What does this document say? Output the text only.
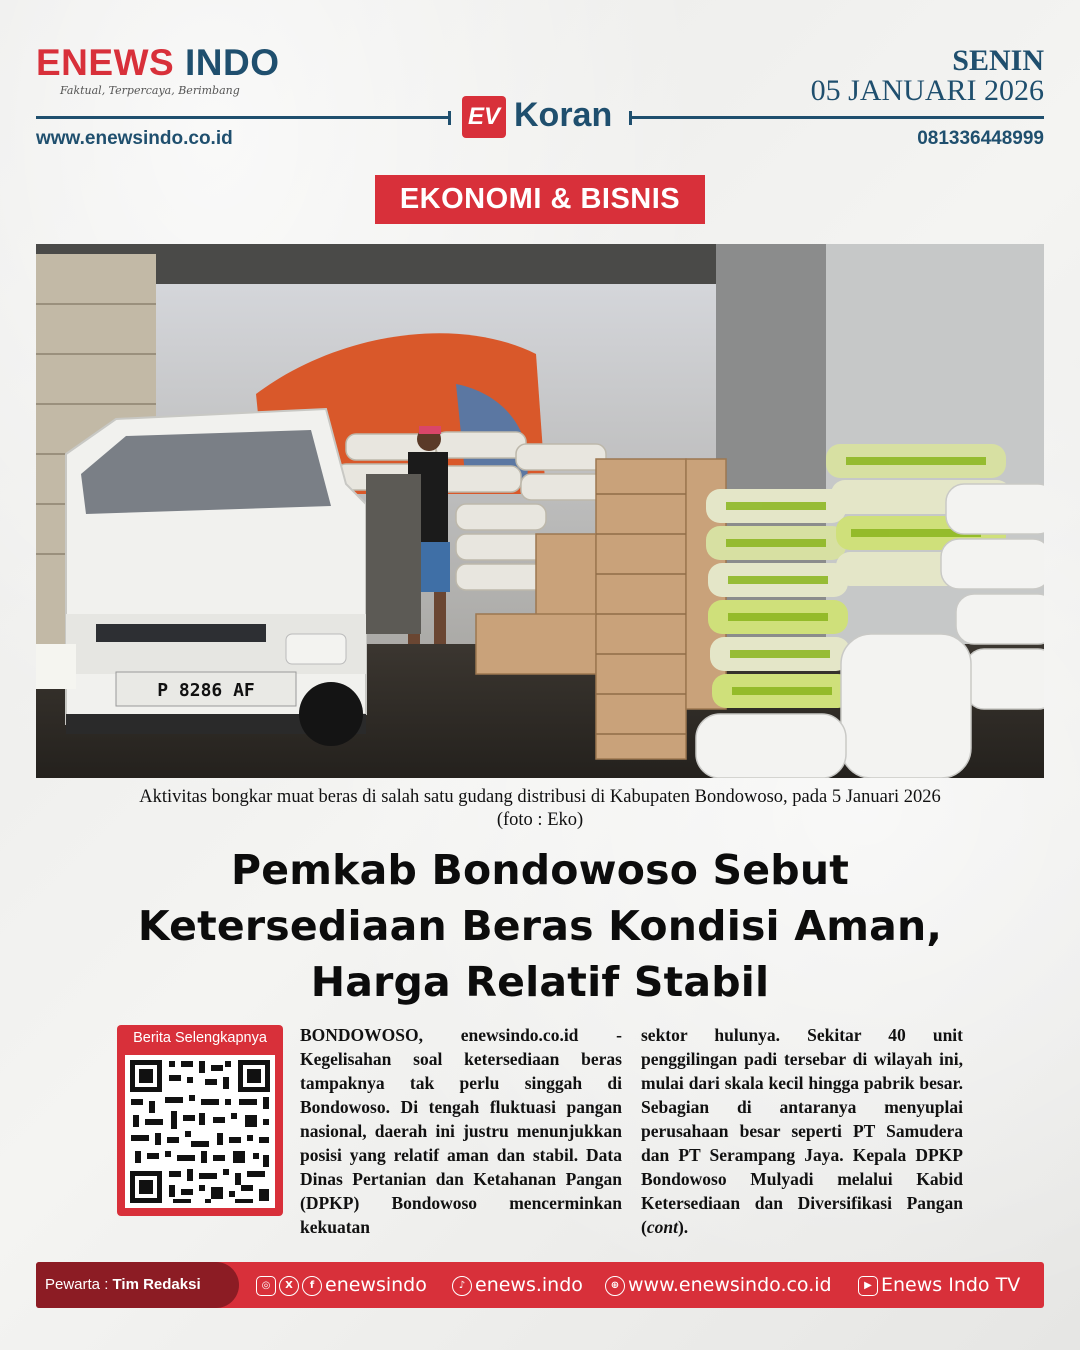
ENEWS INDO
Faktual, Terpercaya, Berimbang
SENIN
05 JANUARI 2026
EV Koran
www.enewsindo.co.id	081336448999
EKONOMI & BISNIS
P 8286 AF
Aktivitas bongkar muat beras di salah satu gudang distribusi di Kabupaten Bondowoso, pada 5 Januari 2026
(foto : Eko)
Pemkab Bondowoso Sebut
Ketersediaan Beras Kondisi Aman,
Harga Relatif Stabil
Berita Selengkapnya	BONDOWOSO, enewsindo.co.id - Kegelisahan soal ketersediaan beras tampaknya tak perlu singgah di Bondowoso. Di tengah fluktuasi pangan nasional, daerah ini justru menunjukkan posisi yang relatif aman dan stabil. Data Dinas Pertanian dan Ketahanan Pangan (DPKP) Bondowoso mencerminkan kekuatan
sektor hulunya. Sekitar 40 unit penggilingan padi tersebar di wilayah ini, mulai dari skala kecil hingga pabrik besar. Sebagian di antaranya menyuplai perusahaan besar seperti PT Samudera dan PT Serampang Jaya. Kepala DPKP Bondowoso Mulyadi melalui Kabid Ketersediaan dan Diversifikasi Pangan (cont).
Pewarta : Tim Redaksi	◎ X f enewsindo	♪ enews.indo	⊕ www.enewsindo.co.id	▶ Enews Indo TV
